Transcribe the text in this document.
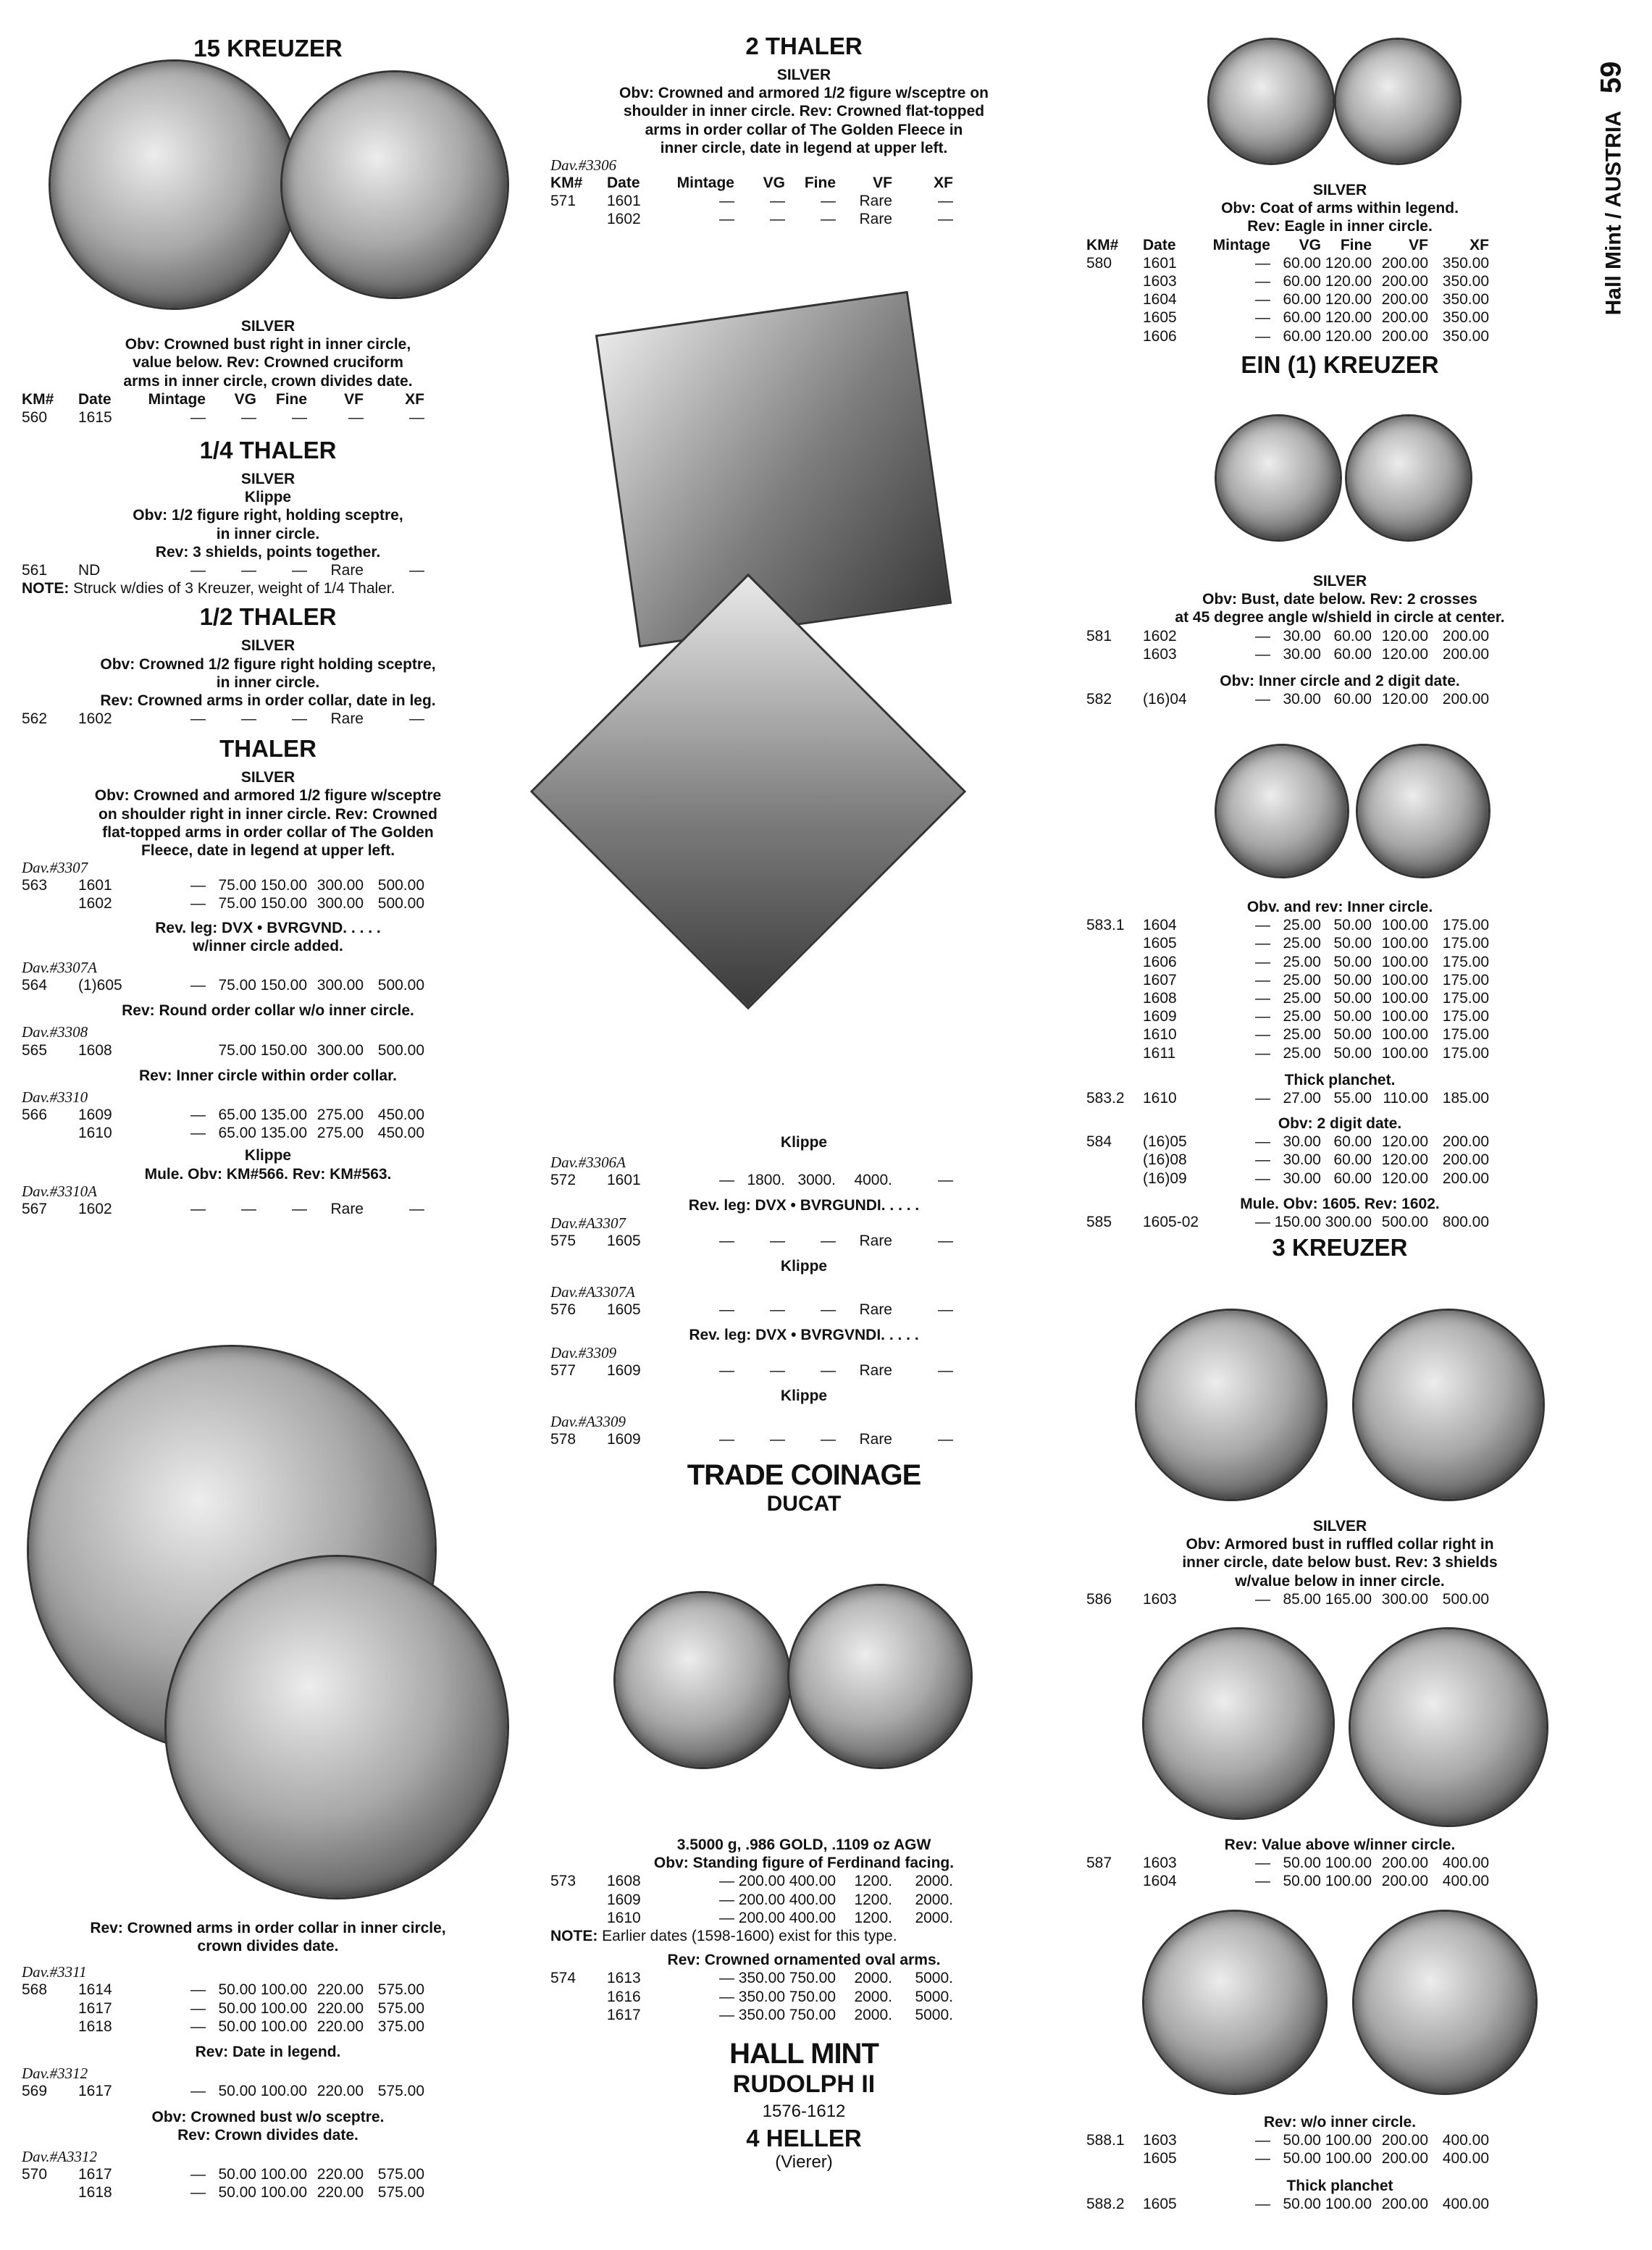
Hall Mint / AUSTRIA59

15 KREUZER

SILVER
Obv: Crowned bust right in inner circle,
value below. Rev: Crowned cruciform
arms in inner circle, crown divides date.
KM#	Date	Mintage	VG	Fine	VF	XF
560	1615	—	—	—	—	—

1/4 THALER

SILVER
Klippe
Obv: 1/2 figure right, holding sceptre,
in inner circle.
Rev: 3 shields, points together.
561	ND	—	—	—	Rare	—
NOTE: Struck w/dies of 3 Kreuzer, weight of 1/4 Thaler.

1/2 THALER

SILVER
Obv: Crowned 1/2 figure right holding sceptre,
in inner circle.
Rev: Crowned arms in order collar, date in leg.
562	1602	—	—	—	Rare	—

THALER

SILVER
Obv: Crowned and armored 1/2 figure w/sceptre
on shoulder right in inner circle. Rev: Crowned
flat-topped arms in order collar of The Golden
Fleece, date in legend at upper left.
Dav.#3307
563	1601	— 75.00 150.00 300.00 500.00
1602	— 75.00 150.00 300.00 500.00
Rev. leg: DVX • BVRGVND. . . . .
w/inner circle added.
Dav.#3307A
564	(1)605	— 75.00 150.00 300.00 500.00
Rev: Round order collar w/o inner circle.
Dav.#3308
565	1608	75.00 150.00 300.00 500.00
Rev: Inner circle within order collar.
Dav.#3310
566	1609	— 65.00 135.00 275.00 450.00
1610	— 65.00 135.00 275.00 450.00
Klippe
Mule. Obv: KM#566. Rev: KM#563.
Dav.#3310A
567	1602	—	—	—	Rare	—
Rev: Crowned arms in order collar in inner circle,
crown divides date.
Dav.#3311
568	1614	— 50.00 100.00 220.00 575.00
1617	— 50.00 100.00 220.00 575.00
1618	— 50.00 100.00 220.00 375.00
Rev: Date in legend.
Dav.#3312
569	1617	— 50.00 100.00 220.00 575.00
Obv: Crowned bust w/o sceptre.
Rev: Crown divides date.
Dav.#A3312
570	1617	— 50.00 100.00 220.00 575.00
1618	— 50.00 100.00 220.00 575.00

2 THALER

SILVER
Obv: Crowned and armored 1/2 figure w/sceptre on
shoulder in inner circle. Rev: Crowned flat-topped
arms in order collar of The Golden Fleece in
inner circle, date in legend at upper left.
Dav.#3306
KM#	Date	Mintage	VG	Fine	VF	XF
571	1601	—	—	—	Rare	—
1602	—	—	—	Rare	—
Klippe
Dav.#3306A
572	1601	— 1800. 3000.	4000.	—
Rev. leg: DVX • BVRGUNDI. . . . .
Dav.#A3307
575	1605	—	—	—	Rare	—
Klippe
Dav.#A3307A
576	1605	—	—	—	Rare	—
Rev. leg: DVX • BVRGVNDI. . . . .
Dav.#3309
577	1609	—	—	—	Rare	—
Klippe
Dav.#A3309
578	1609	—	—	—	Rare	—

TRADE COINAGE

DUCAT

3.5000 g, .986 GOLD, .1109 oz AGW
Obv: Standing figure of Ferdinand facing.
573	1608	— 200.00 400.00	1200.	2000.
1609	— 200.00 400.00	1200.	2000.
1610	— 200.00 400.00	1200.	2000.
NOTE: Earlier dates (1598-1600) exist for this type.
Rev: Crowned ornamented oval arms.
574	1613	— 350.00 750.00	2000.	5000.
1616	— 350.00 750.00	2000.	5000.
1617	— 350.00 750.00	2000.	5000.

HALL MINT

RUDOLPH II

1576-1612

4 HELLER

(Vierer)

SILVER
Obv: Coat of arms within legend.
Rev: Eagle in inner circle.
KM#	Date	Mintage	VG	Fine	VF	XF
580	1601	— 60.00 120.00 200.00 350.00
1603	— 60.00 120.00 200.00 350.00
1604	— 60.00 120.00 200.00 350.00
1605	— 60.00 120.00 200.00 350.00
1606	— 60.00 120.00 200.00 350.00

EIN (1) KREUZER

SILVER
Obv: Bust, date below. Rev: 2 crosses
at 45 degree angle w/shield in circle at center.
581	1602	— 30.00 60.00 120.00 200.00
1603	— 30.00 60.00 120.00 200.00
Obv: Inner circle and 2 digit date.
582	(16)04	— 30.00 60.00 120.00 200.00
Obv. and rev: Inner circle.
583.1	1604	— 25.00 50.00 100.00 175.00
1605	— 25.00 50.00 100.00 175.00
1606	— 25.00 50.00 100.00 175.00
1607	— 25.00 50.00 100.00 175.00
1608	— 25.00 50.00 100.00 175.00
1609	— 25.00 50.00 100.00 175.00
1610	— 25.00 50.00 100.00 175.00
1611	— 25.00 50.00 100.00 175.00
Thick planchet.
583.2	1610	— 27.00 55.00 110.00 185.00
Obv: 2 digit date.
584	(16)05	— 30.00 60.00 120.00 200.00
(16)08	— 30.00 60.00 120.00 200.00
(16)09	— 30.00 60.00 120.00 200.00
Mule. Obv: 1605. Rev: 1602.
585	1605-02	— 150.00 300.00 500.00 800.00

3 KREUZER

SILVER
Obv: Armored bust in ruffled collar right in
inner circle, date below bust. Rev: 3 shields
w/value below in inner circle.
586	1603	— 85.00 165.00 300.00 500.00
Rev: Value above w/inner circle.
587	1603	— 50.00 100.00 200.00 400.00
1604	— 50.00 100.00 200.00 400.00
Rev: w/o inner circle.
588.1	1603	— 50.00 100.00 200.00 400.00
1605	— 50.00 100.00 200.00 400.00
Thick planchet
588.2	1605	— 50.00 100.00 200.00 400.00
